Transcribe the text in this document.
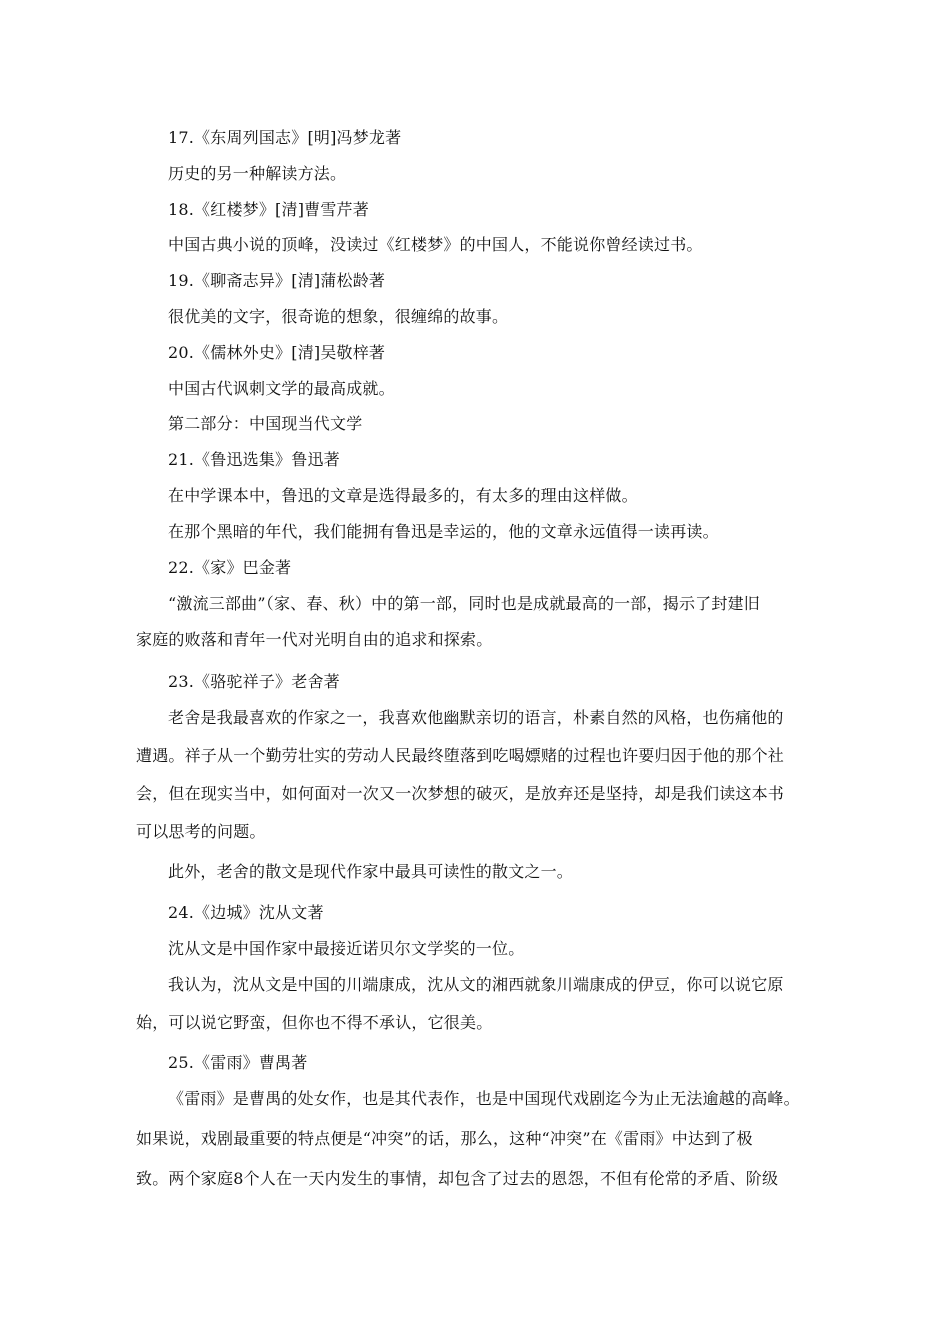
17.《东周列国志》[明]冯梦龙著
历史的另一种解读方法。
18.《红楼梦》[清]曹雪芹著
中国古典小说的顶峰，没读过《红楼梦》的中国人，不能说你曾经读过书。
19.《聊斋志异》[清]蒲松龄著
很优美的文字，很奇诡的想象，很缠绵的故事。
20.《儒林外史》[清]吴敬梓著
中国古代讽刺文学的最高成就。
第二部分：中国现当代文学
21.《鲁迅选集》鲁迅著
在中学课本中，鲁迅的文章是选得最多的，有太多的理由这样做。
在那个黑暗的年代，我们能拥有鲁迅是幸运的，他的文章永远值得一读再读。
22.《家》巴金著
“激流三部曲”（家、春、秋）中的第一部，同时也是成就最高的一部，揭示了封建旧
家庭的败落和青年一代对光明自由的追求和探索。
23.《骆驼祥子》老舍著
老舍是我最喜欢的作家之一，我喜欢他幽默亲切的语言，朴素自然的风格，也伤痛他的
遭遇。祥子从一个勤劳壮实的劳动人民最终堕落到吃喝嫖赌的过程也许要归因于他的那个社
会，但在现实当中，如何面对一次又一次梦想的破灭，是放弃还是坚持，却是我们读这本书
可以思考的问题。
此外，老舍的散文是现代作家中最具可读性的散文之一。
24.《边城》沈从文著
沈从文是中国作家中最接近诺贝尔文学奖的一位。
我认为，沈从文是中国的川端康成，沈从文的湘西就象川端康成的伊豆，你可以说它原
始，可以说它野蛮，但你也不得不承认，它很美。
25.《雷雨》曹禺著
《雷雨》是曹禺的处女作，也是其代表作，也是中国现代戏剧迄今为止无法逾越的高峰。
如果说，戏剧最重要的特点便是“冲突”的话，那么，这种“冲突”在《雷雨》中达到了极
致。两个家庭8个人在一天内发生的事情，却包含了过去的恩怨，不但有伦常的矛盾、阶级
